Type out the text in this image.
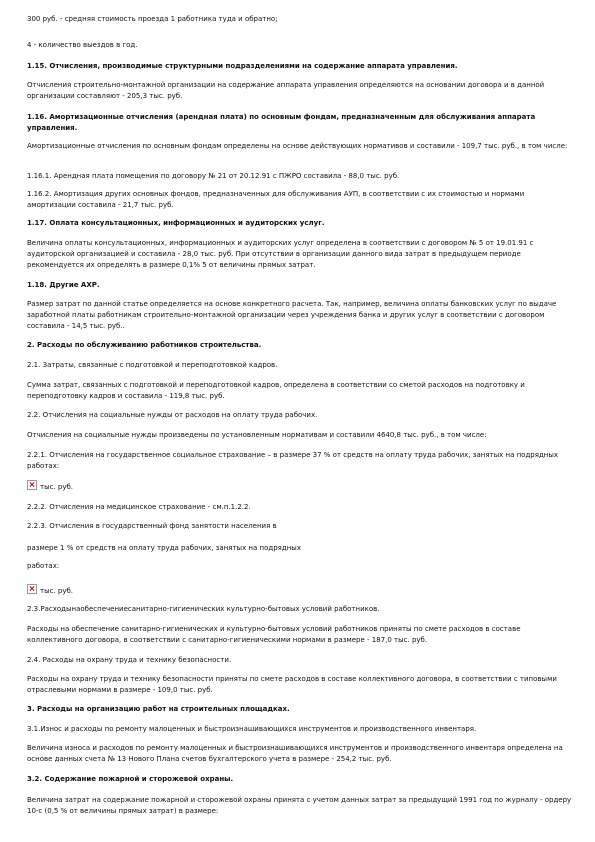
300 руб. - средняя стоимость проезда 1 работника туда и обратно;

4 - количество выездов в год.

1.15. Отчисления, производимые структурными подразделениями на содержание аппарата управления.

Отчисления строительно-монтажной организации на содержание аппарата управления определяются на основании договора и в данной организации составляют - 205,3 тыс. руб.

1.16. Амортизационные отчисления (арендная плата) по основным фондам, предназначенным для обслуживания аппарата управления.

Амортизационные отчисления по основным фондам определены на основе действующих нормативов и составили - 109,7 тыс. руб., в том числе:

1.16.1. Арендная плата помещения по договору № 21 от 20.12.91 с ПЖРО составила - 88,0 тыс. руб.

1.16.2. Амортизация других основных фондов, предназначенных для обслуживания АУП, в соответствии с их стоимостью и нормами амортизации составила - 21,7 тыс. руб.

1.17. Оплата консультационных, информационных и аудиторских услуг.

Величина оплаты консультационных, информационных и аудиторских услуг определена в соответствии с договором № 5 от 19.01.91 с аудиторской организацией и составила - 28,0 тыс. руб. При отсутствии в организации данного вида затрат в предыдущем периоде рекомендуется их определять в размере 0,1% 5 от величины прямых затрат.

1.18. Другие АХР.

Размер затрат по данной статье определяется на основе конкретного расчета. Так, например, величина оплаты банковских услуг по выдаче заработной платы работникам строительно-монтажной организации через учреждения банка и других услуг в соответствии с договором составила - 14,5 тыс. руб..

2. Расходы по обслуживанию работников строительства.

2.1. Затраты, связанные с подготовкой и переподготовкой кадров.

Сумма затрат, связанных с подготовкой и переподготовкой кадров, определена в соответствии со сметой расходов на подготовку и переподготовку кадров и составила - 119,8 тыс. руб.

2.2. Отчисления на социальные нужды от расходов на оплату труда рабочих.

Отчисления на социальные нужды произведены по установленным нормативам и составили 4640,8 тыс. руб., в том числе:

2.2.1. Отчисления на государственное социальное страхование – в размере 37 % от средств на оплату труда рабочих, занятых на подрядных работах:

тыс. руб.

2.2.2. Отчисления на медицинское страхование - см.п.1.2.2.

2.2.3. Отчисления в государственный фонд занятости населения в

размере 1 % от средств на оплату труда рабочих, занятых на подрядных

работах:

тыс. руб.

2.3.Расходынаобеспечениесанитарно-гигиенических культурно-бытовых условий работников.

Расходы на обеспечение санитарно-гигиенических и культурно-бытовых условий работников приняты по смете расходов в составе коллективного договора, в соответствии с санитарно-гигиеническими нормами в размере - 187,0 тыс. руб.

2.4. Расходы на охрану труда и технику безопасности.

Расходы на охрану труда и технику безопасности приняты по смете расходов в составе коллективного договора, в соответствии с типовыми отраслевыми нормами в размере - 109,0 тыс. руб.

3. Расходы на организацию работ на строительных площадках.

3.1.Износ и расходы по ремонту малоценных и быстроизнашивающихся инструментов и производственного инвентаря.

Величина износа и расходов по ремонту малоценных и быстроизнашивающихся инструментов и производственного инвентаря определена на основе данных счета № 13 Нового Плана счетов бухгалтерского учета в размере - 254,2 тыс. руб.

3.2. Содержание пожарной и сторожевой охраны.

Величина затрат на содержание пожарной и сторожевой охраны принята с учетом данных затрат за предыдущий 1991 год по журналу - ордеру 10-с (0,5 % от величины прямых затрат) в размере:
